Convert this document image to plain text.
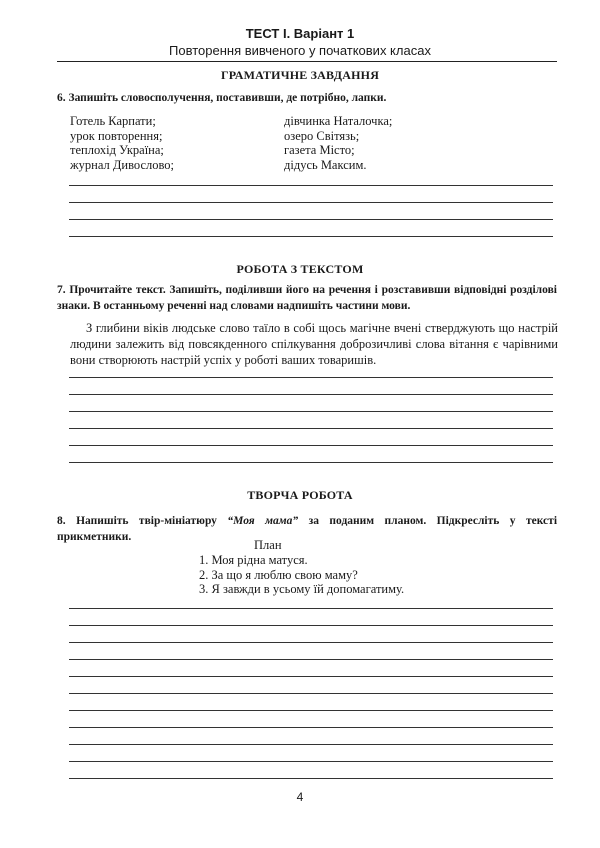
ТЕСТ І. Варіант 1
Повторення вивченого у початкових класах
ГРАМАТИЧНЕ ЗАВДАННЯ
6. Запишіть словосполучення, поставивши, де потрібно, лапки.
Готель Карпати;
урок повторення;
теплохід Україна;
журнал Дивослово;
дівчинка Наталочка;
озеро Світязь;
газета Місто;
дідусь Максим.
РОБОТА З ТЕКСТОМ
7. Прочитайте текст. Запишіть, поділивши його на речення і розставивши відповідні розділові знаки. В останньому реченні над словами надпишіть частини мови.
З глибини віків людське слово таїло в собі щось магічне вчені стверджують що настрій людини залежить від повсякденного спілкування доброзичливі слова вітання є чарівними вони створюють настрій успіх у роботі ваших товаришів.
ТВОРЧА РОБОТА
8. Напишіть твір-мініатюру “Моя мама” за поданим планом. Підкресліть у тексті прикметники.
План
1. Моя рідна матуся.
2. За що я люблю свою маму?
3. Я завжди в усьому їй допомагатиму.
4
